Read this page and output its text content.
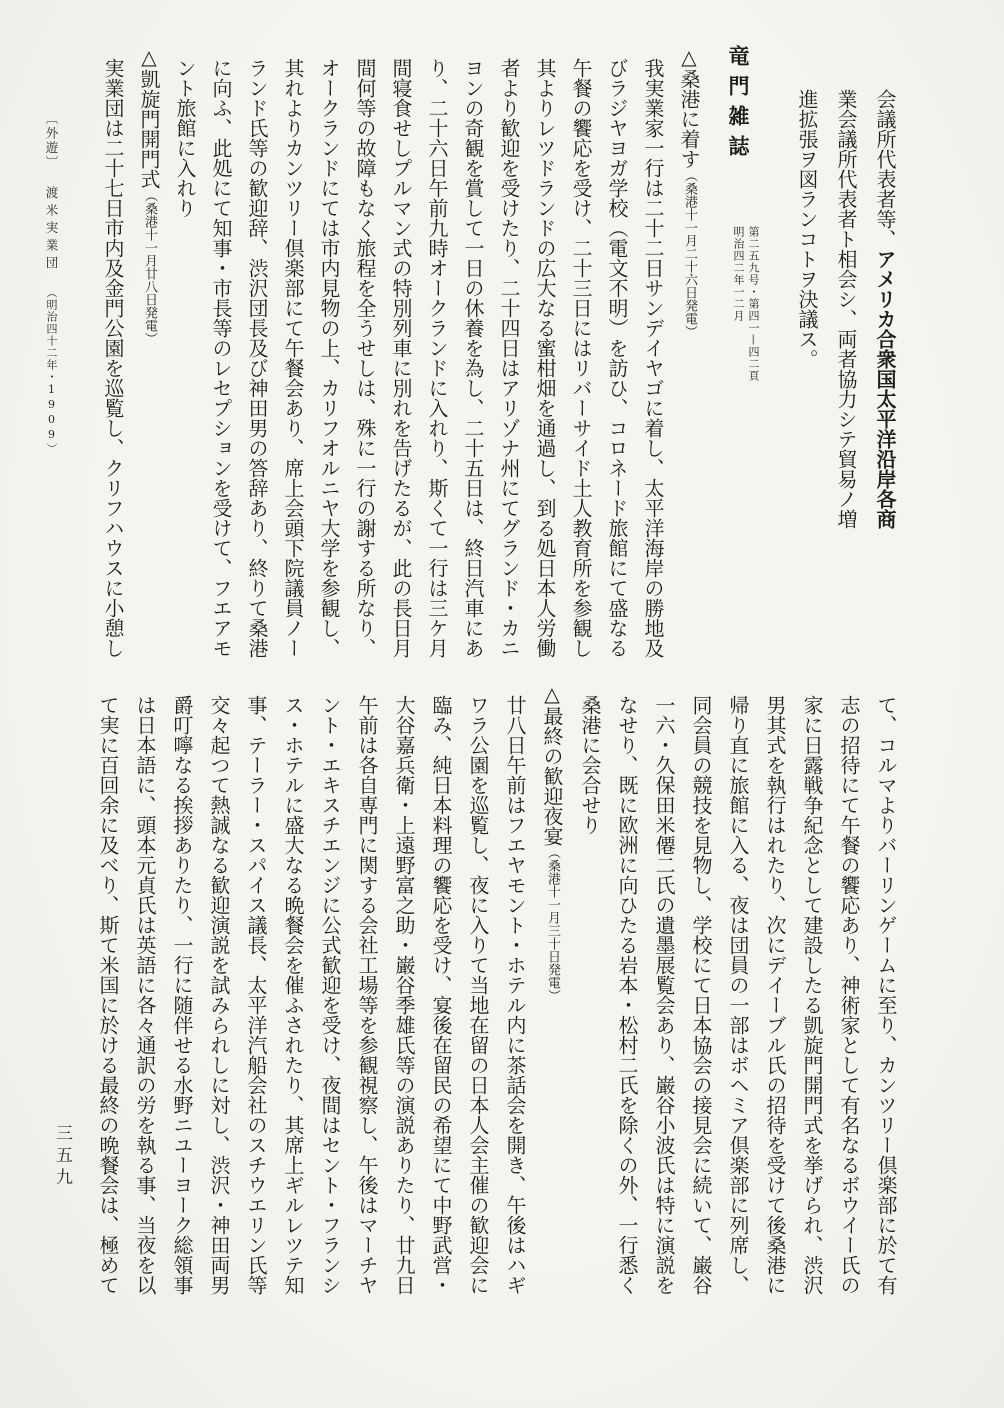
〔外遊〕 渡米実業団 （明治四十二年・1909）
三五九
会議所代表者等、アメリカ合衆国太平洋沿岸各商
業会議所代表者ト相会シ、両者協力シテ貿易ノ増
進拡張ヲ図ランコトヲ決議ス。
竜門雑誌 第二五九号・第四一—四二頁
明治四二年一二月
△桑港に着す（桑港十一月二十六日発電）
我実業家一行は二十二日サンデイヤゴに着し、太平洋海岸の勝地及
びラジヤヨガ学校（電文不明）を訪ひ、コロネード旅館にて盛なる
午餐の饗応を受け、二十三日にはリバーサイド土人教育所を参観し
其よりレツドランドの広大なる蜜柑畑を通過し、到る処日本人労働
者より歓迎を受けたり、二十四日はアリゾナ州にてグランド・カニ
ヨンの奇観を賞して一日の休養を為し、二十五日は、終日汽車にあ
り、二十六日午前九時オークランドに入れり、斯くて一行は三ケ月
間寝食せしプルマン式の特別列車に別れを告げたるが、此の長日月
間何等の故障もなく旅程を全うせしは、殊に一行の謝する所なり、
オークランドにては市内見物の上、カリフオルニヤ大学を参観し、
其れよりカンツリー倶楽部にて午餐会あり、席上会頭下院議員ノー
ランド氏等の歓迎辞、渋沢団長及び神田男の答辞あり、終りて桑港
に向ふ、此処にて知事・市長等のレセプションを受けて、フエアモ
ント旅館に入れり
△凱旋門開門式（桑港十一月廿八日発電）
実業団は二十七日市内及金門公園を巡覧し、クリフハウスに小憩し
て、コルマよりバーリンゲームに至り、カンツリー倶楽部に於て有
志の招待にて午餐の饗応あり、神術家として有名なるボウイー氏の
家に日露戦争紀念として建設したる凱旋門開門式を挙げられ、渋沢
男其式を執行はれたり、次にデイーブル氏の招待を受けて後桑港に
帰り直に旅館に入る、夜は団員の一部はボヘミア倶楽部に列席し、
同会員の競技を見物し、学校にて日本協会の接見会に続いて、巌谷
一六・久保田米僊二氏の遺墨展覧会あり、巌谷小波氏は特に演説を
なせり、既に欧洲に向ひたる岩本・松村二氏を除くの外、一行悉く
桑港に会合せり
△最終の歓迎夜宴（桑港十一月三十日発電）
廿八日午前はフエヤモント・ホテル内に茶話会を開き、午後はハギ
ワラ公園を巡覧し、夜に入りて当地在留の日本人会主催の歓迎会に
臨み、純日本料理の饗応を受け、宴後在留民の希望にて中野武営・
大谷嘉兵衛・上遠野富之助・巌谷季雄氏等の演説ありたり、廿九日
午前は各自専門に関する会社工場等を参観視察し、午後はマーチヤ
ント・エキスチエンジに公式歓迎を受け、夜間はセント・フランシ
ス・ホテルに盛大なる晩餐会を催ふされたり、其席上ギルレツテ知
事、テーラー・スパイス議長、太平洋汽船会社のスチウエリン氏等
交々起つて熱誠なる歓迎演説を試みられしに対し、渋沢・神田両男
爵叮嚀なる挨拶ありたり、一行に随伴せる水野ニユーヨーク総領事
は日本語に、頭本元貞氏は英語に各々通訳の労を執る事、当夜を以
て実に百回余に及べり、斯て米国に於ける最終の晩餐会は、極めて
